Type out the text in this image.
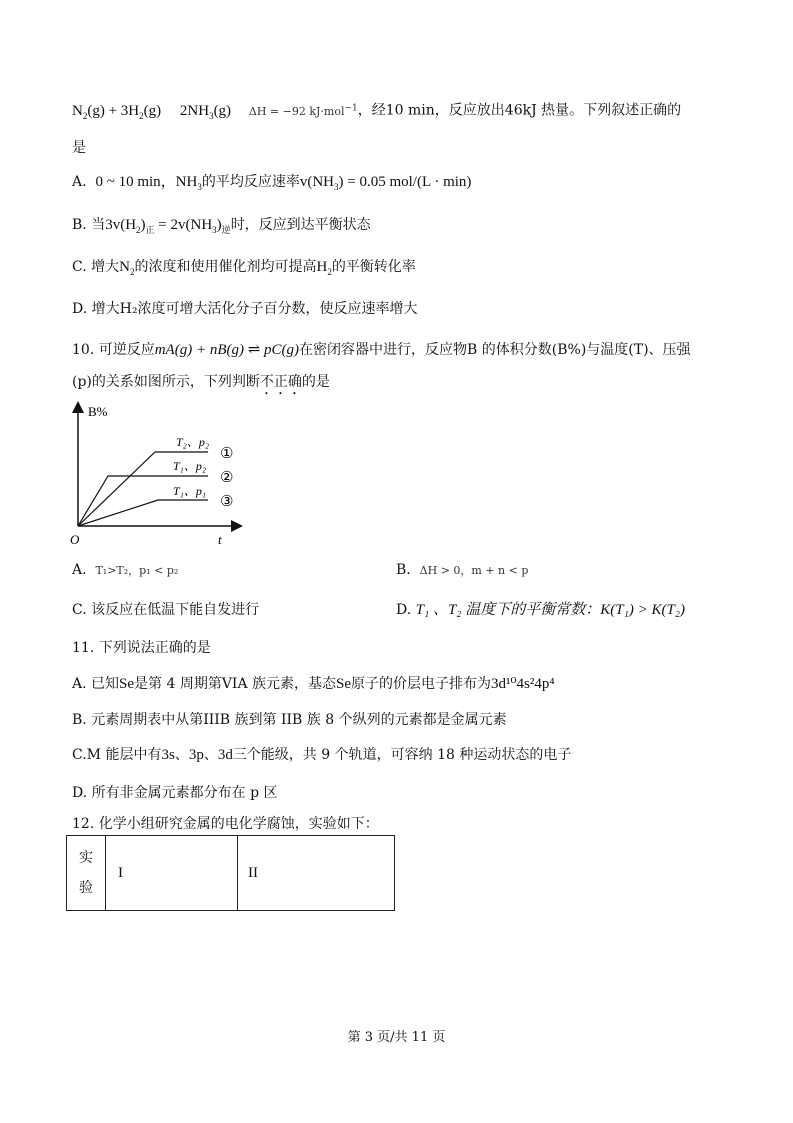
$N_2(g) + 3H_2(g)$ $2NH_3(g) \Delta H = -92$ kJ·mol$^{-1}$，经10 min，反应放出46kJ 热量。下列叙述正确的
是
A. 0 ~ 10 min，$NH_3$的平均反应速率$v(NH_3) = 0.05$ mol/(L · min)
B. 当$3v(H_2)_正 = 2v(NH_3)_逆$时，反应到达平衡状态
C. 增大$N_2$的浓度和使用催化剂均可提高$H_2$的平衡转化率
D. 增大H₂浓度可增大活化分子百分数，使反应速率增大
10. 可逆反应mA(g) + nB(g) ⇌ pC(g)在密闭容器中进行，反应物B 的体积分数(B%)与温度(T)、压强
(p)的关系如图所示，下列判断不正确的是
B%
t
O
T₂、p₂
①
T₁、p₂
②
T₁、p₁
③
A. T₁>T₂，p₁ < p₂	B. ΔH > 0，m + n < p
C. 该反应在低温下能自发进行	D. T₁ 、T₂ 温度下的平衡常数：K(T₁) > K(T₂)
11. 下列说法正确的是
A. 已知Se是第 4 周期第VIA 族元素，基态Se原子的价层电子排布为3d¹⁰4s²4p⁴
B. 元素周期表中从第IIIB 族到第 IIB 族 8 个纵列的元素都是金属元素
C.M 能层中有3s、3p、3d三个能级，共 9 个轨道，可容纳 18 种运动状态的电子
D. 所有非金属元素都分布在 p 区
12. 化学小组研究金属的电化学腐蚀，实验如下：
实
验
	I	II
第 3 页/共 11 页
